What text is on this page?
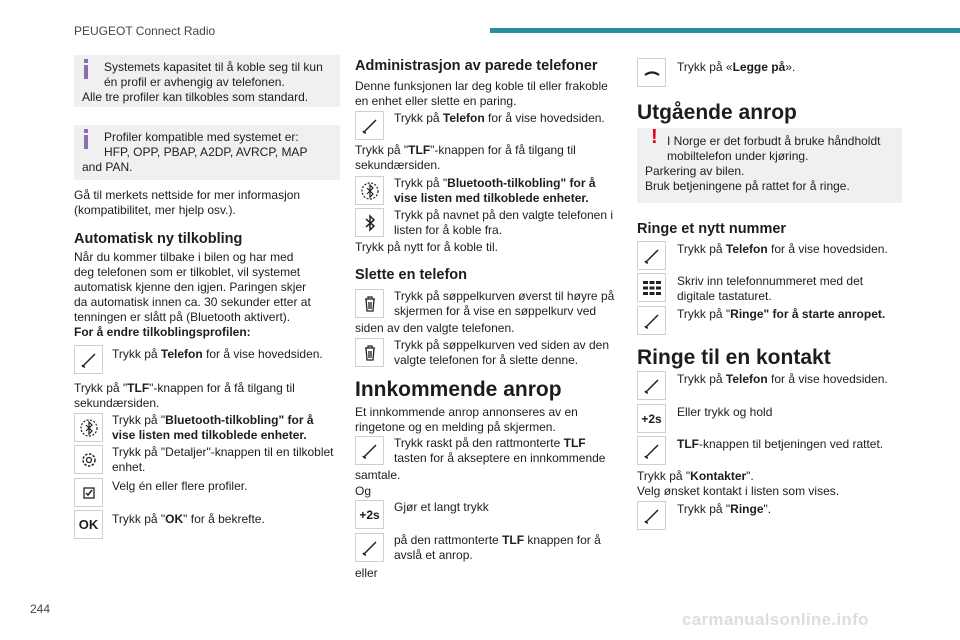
PEUGEOT Connect Radio
244
carmanualsonline.info
Systemets kapasitet til å koble seg til kun
én profil er avhengig av telefonen.
Alle tre profiler kan tilkobles som standard.
Profiler kompatible med systemet er:
HFP, OPP, PBAP, A2DP, AVRCP, MAP
and PAN.
Gå til merkets nettside for mer informasjon
(kompatibilitet, mer hjelp osv.).
Automatisk ny tilkobling
Når du kommer tilbake i bilen og har med
deg telefonen som er tilkoblet, vil systemet
automatisk kjenne den igjen. Paringen skjer
da automatisk innen ca. 30 sekunder etter at
tenningen er slått på (Bluetooth aktivert).
For å endre tilkoblingsprofilen:
Trykk på Telefon for å vise hovedsiden.
Trykk på "TLF"-knappen for å få tilgang til
sekundærsiden.
Trykk på "Bluetooth-tilkobling" for å
vise listen med tilkoblede enheter.
Trykk på "Detaljer"-knappen til en tilkoblet
enhet.
Velg én eller flere profiler.
OK	Trykk på "OK" for å bekrefte.
Administrasjon av parede telefoner
Denne funksjonen lar deg koble til eller frakoble
en enhet eller slette en paring.
Trykk på Telefon for å vise hovedsiden.
Trykk på "TLF"-knappen for å få tilgang til
sekundærsiden.
Trykk på "Bluetooth-tilkobling" for å
vise listen med tilkoblede enheter.
Trykk på navnet på den valgte telefonen i
listen for å koble fra.
Trykk på nytt for å koble til.
Slette en telefon
Trykk på søppelkurven øverst til høyre på
skjermen for å vise en søppelkurv ved
siden av den valgte telefonen.
Trykk på søppelkurven ved siden av den
valgte telefonen for å slette denne.
Innkommende anrop
Et innkommende anrop annonseres av en
ringetone og en melding på skjermen.
Trykk raskt på den rattmonterte TLF
tasten for å akseptere en innkommende
samtale.
Og
+2s
Gjør et langt trykk
på den rattmonterte TLF knappen for å
avslå et anrop.
eller
Trykk på «Legge på».
Utgående anrop
! I Norge er det forbudt å bruke håndholdt
mobiltelefon under kjøring.
Parkering av bilen.
Bruk betjeningene på rattet for å ringe.
Ringe et nytt nummer
Trykk på Telefon for å vise hovedsiden.
Skriv inn telefonnummeret med det
digitale tastaturet.
Trykk på "Ringe" for å starte anropet.
Ringe til en kontakt
Trykk på Telefon for å vise hovedsiden.
+2s	Eller trykk og hold
TLF-knappen til betjeningen ved rattet.
Trykk på "Kontakter".
Velg ønsket kontakt i listen som vises.
Trykk på "Ringe".
